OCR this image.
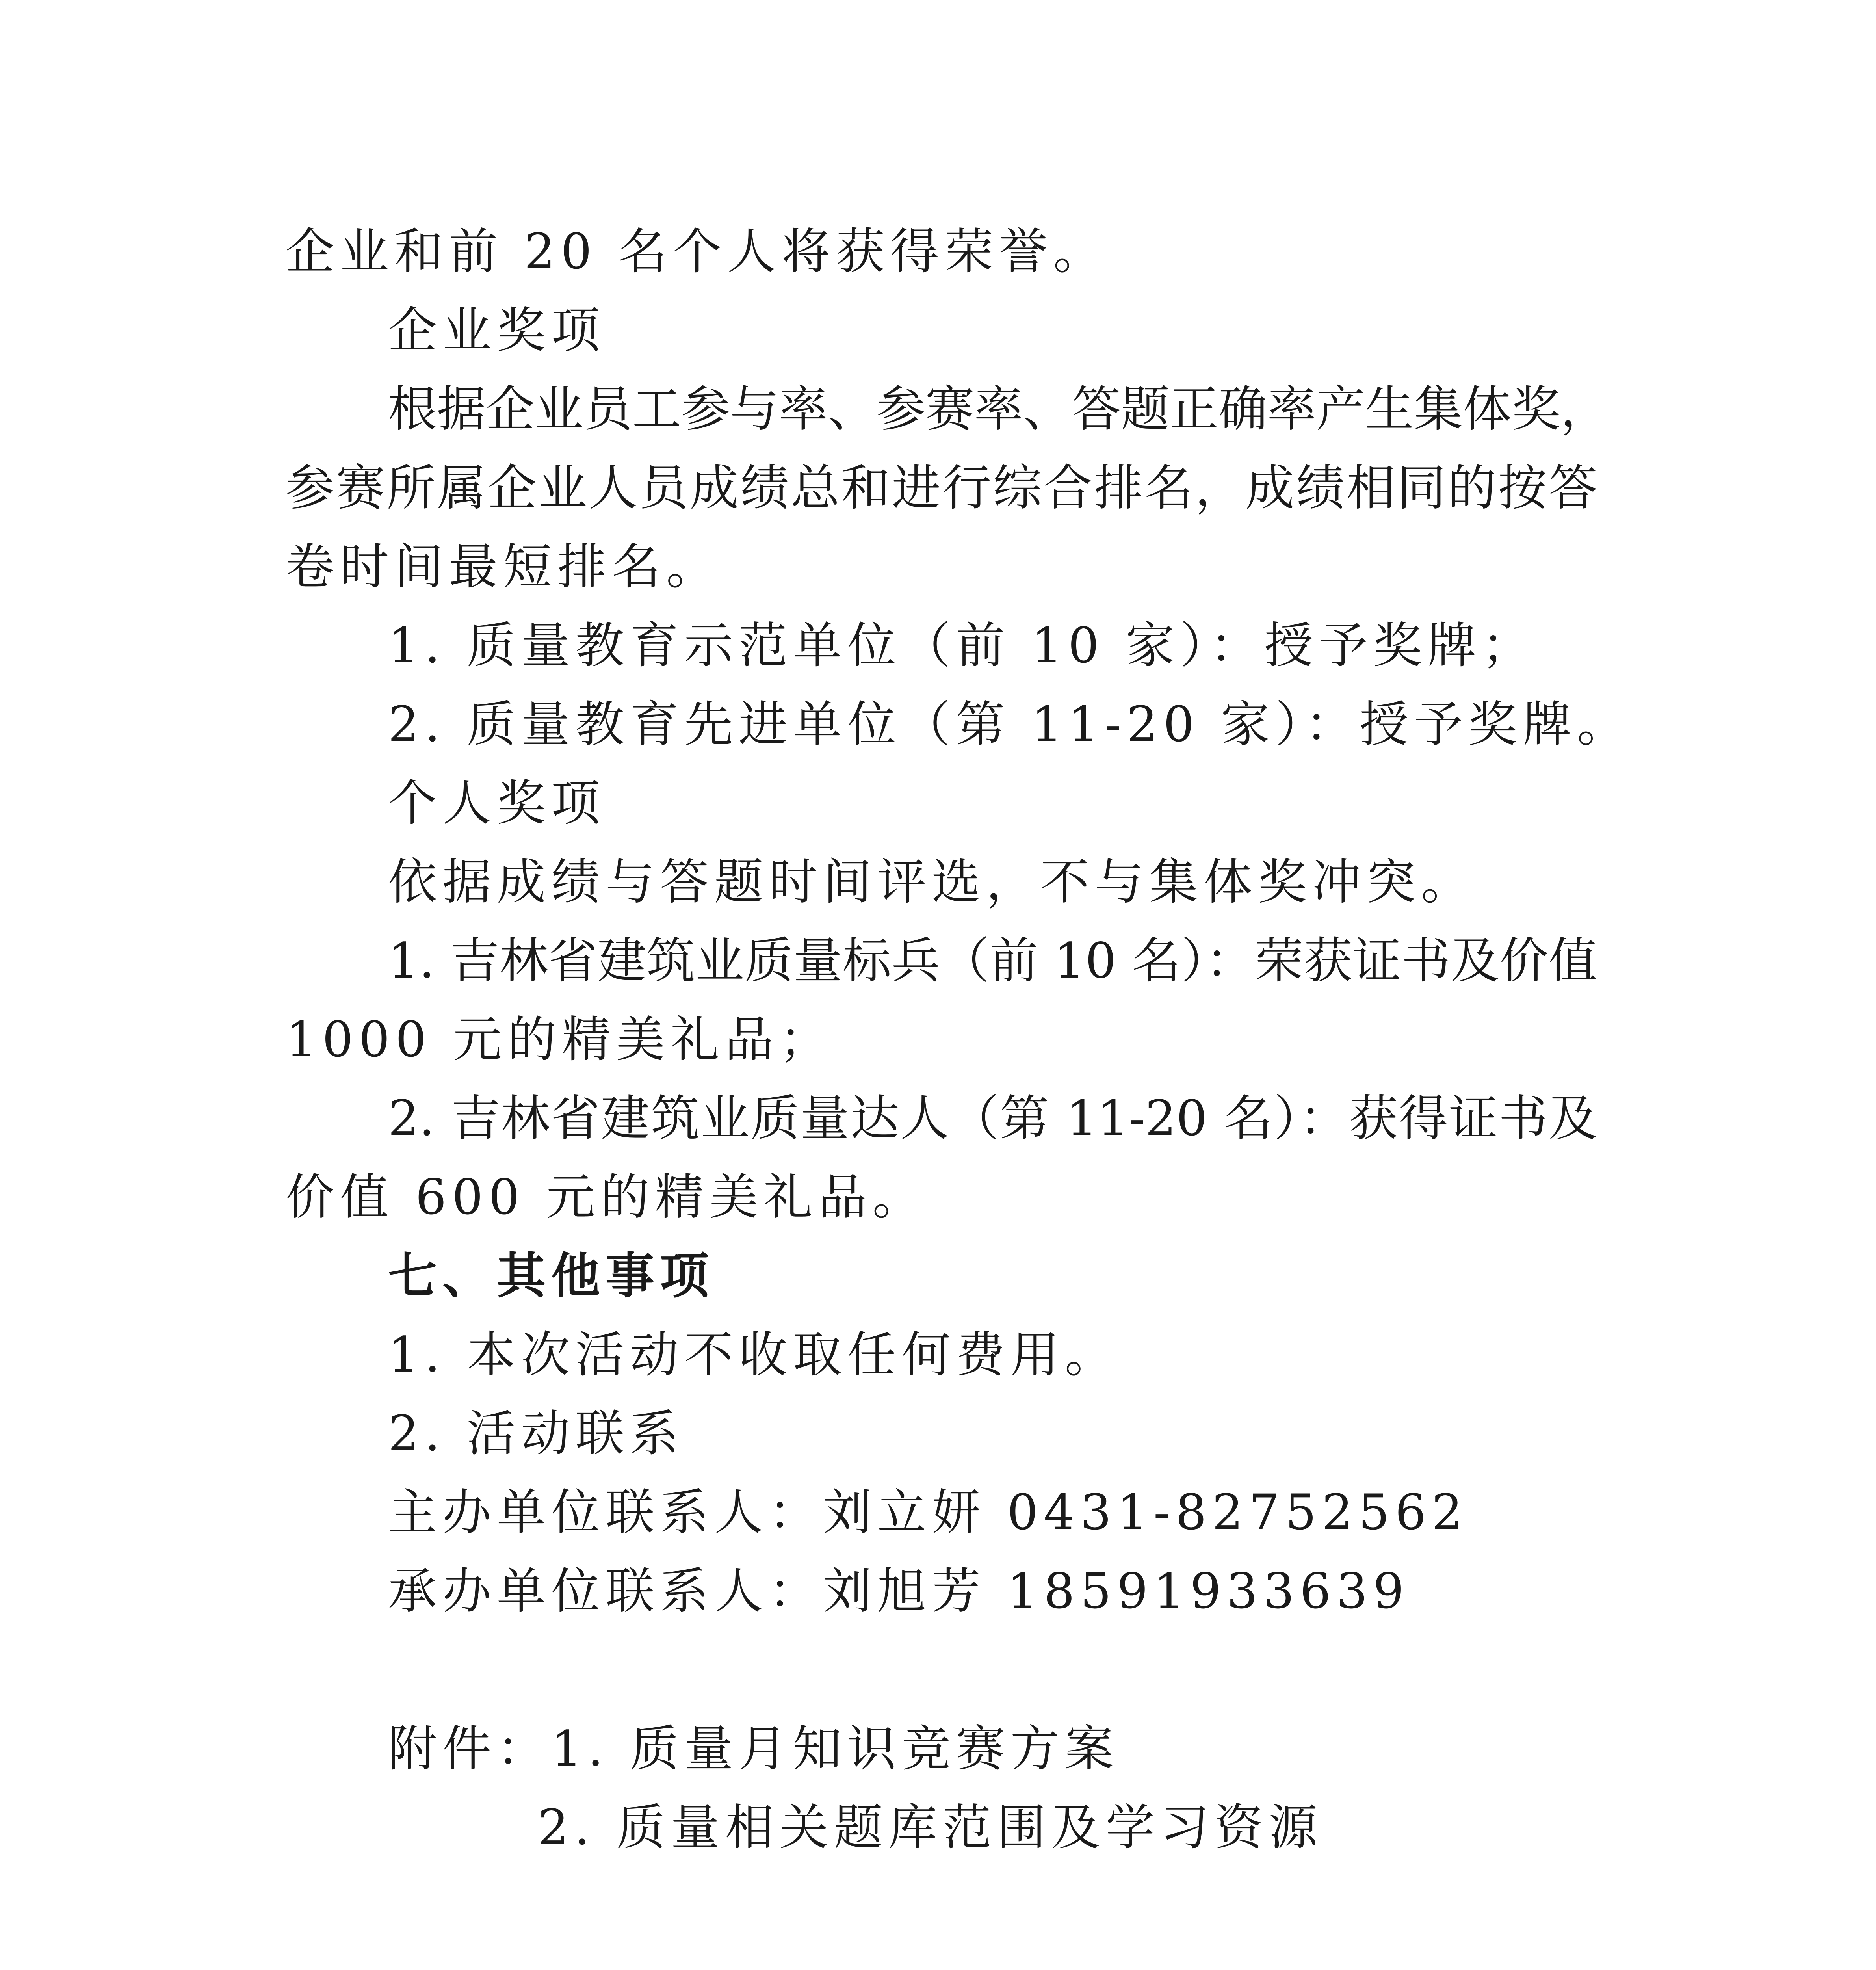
企业和前 20 名个人将获得荣誉。
企业奖项
根据企业员工参与率、参赛率、答题正确率产生集体奖，
参赛所属企业人员成绩总和进行综合排名，成绩相同的按答
卷时间最短排名。
1. 质量教育示范单位（前 10 家）：授予奖牌；
2. 质量教育先进单位（第 11-20 家）：授予奖牌。
个人奖项
依据成绩与答题时间评选，不与集体奖冲突。
1. 吉林省建筑业质量标兵（前 10 名）：荣获证书及价值
1000 元的精美礼品；
2. 吉林省建筑业质量达人（第 11-20 名）：获得证书及
价值 600 元的精美礼品。
七、其他事项
1. 本次活动不收取任何费用。
2. 活动联系
主办单位联系人：刘立妍 0431-82752562
承办单位联系人：刘旭芳 18591933639
附件：1. 质量月知识竞赛方案
2. 质量相关题库范围及学习资源
